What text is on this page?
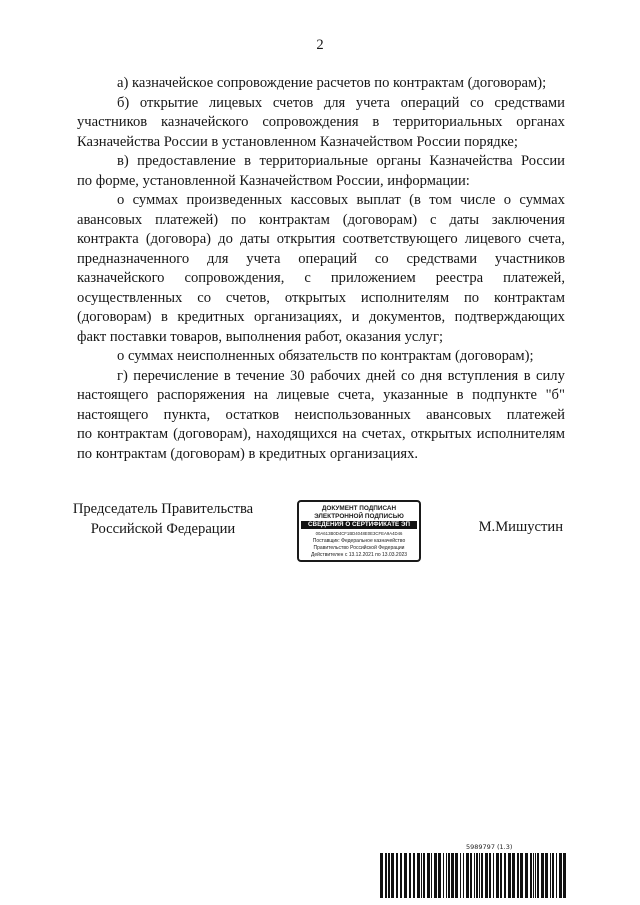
2
а) казначейское сопровождение расчетов по контрактам (договорам);
б) открытие лицевых счетов для учета операций со средствами
участников казначейского сопровождения в территориальных органах
Казначейства России в установленном Казначейством России порядке;
в) предоставление в территориальные органы Казначейства России
по форме, установленной Казначейством России, информации:
о суммах произведенных кассовых выплат (в том числе о суммах
авансовых платежей) по контрактам (договорам) с даты заключения
контракта (договора) до даты открытия соответствующего лицевого счета,
предназначенного для учета операций со средствами участников
казначейского сопровождения, с приложением реестра платежей,
осуществленных со счетов, открытых исполнителям по контрактам
(договорам) в кредитных организациях, и документов, подтверждающих
факт поставки товаров, выполнения работ, оказания услуг;
о суммах неисполненных обязательств по контрактам (договорам);
г) перечисление в течение 30 рабочих дней со дня вступления в силу
настоящего распоряжения на лицевые счета, указанные в подпункте "б"
настоящего пункта, остатков неиспользованных авансовых платежей
по контрактам (договорам), находящихся на счетах, открытых исполнителям
по контрактам (договорам) в кредитных организациях.
Председатель Правительства
Российской Федерации
ДОКУМЕНТ ПОДПИСАН
ЭЛЕКТРОННОЙ ПОДПИСЬЮ
СВЕДЕНИЯ О СЕРТИФИКАТЕ ЭП
00A613B0D4CF1BD4048E0E3CFEA9A4D46
Поставщик: Федеральное казначейство
Правительство Российской Федерации
Действителен с 13.12.2021 по 13.03.2023
М.Мишустин
5989797 (1.3)
